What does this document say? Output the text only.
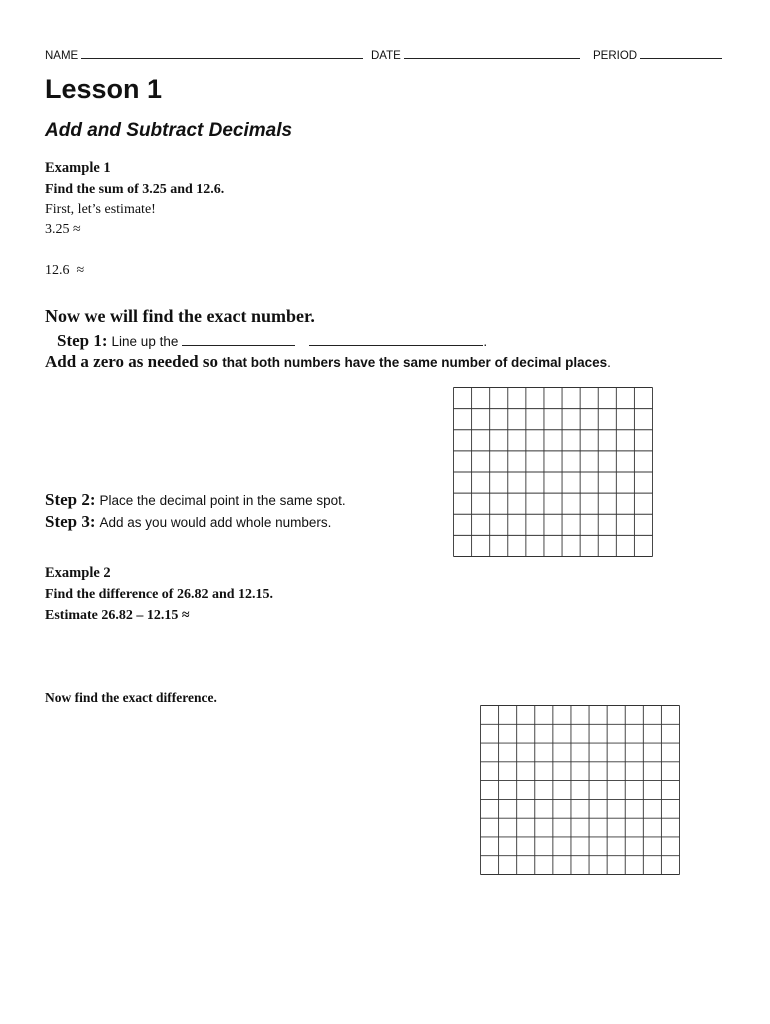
NAME	DATE	PERIOD
Lesson 1
Add and Subtract Decimals
Example 1
Find the sum of 3.25 and 12.6.
First, let’s estimate!
3.25 ≈
12.6  ≈
Now we will find the exact number.
Step 1: Line up the	.
Add a zero as needed so that both numbers have the same number of decimal places.
Step 2: Place the decimal point in the same spot.
Step 3: Add as you would add whole numbers.
Example 2
Find the difference of 26.82 and 12.15.
Estimate 26.82 – 12.15 ≈
Now find the exact difference.
